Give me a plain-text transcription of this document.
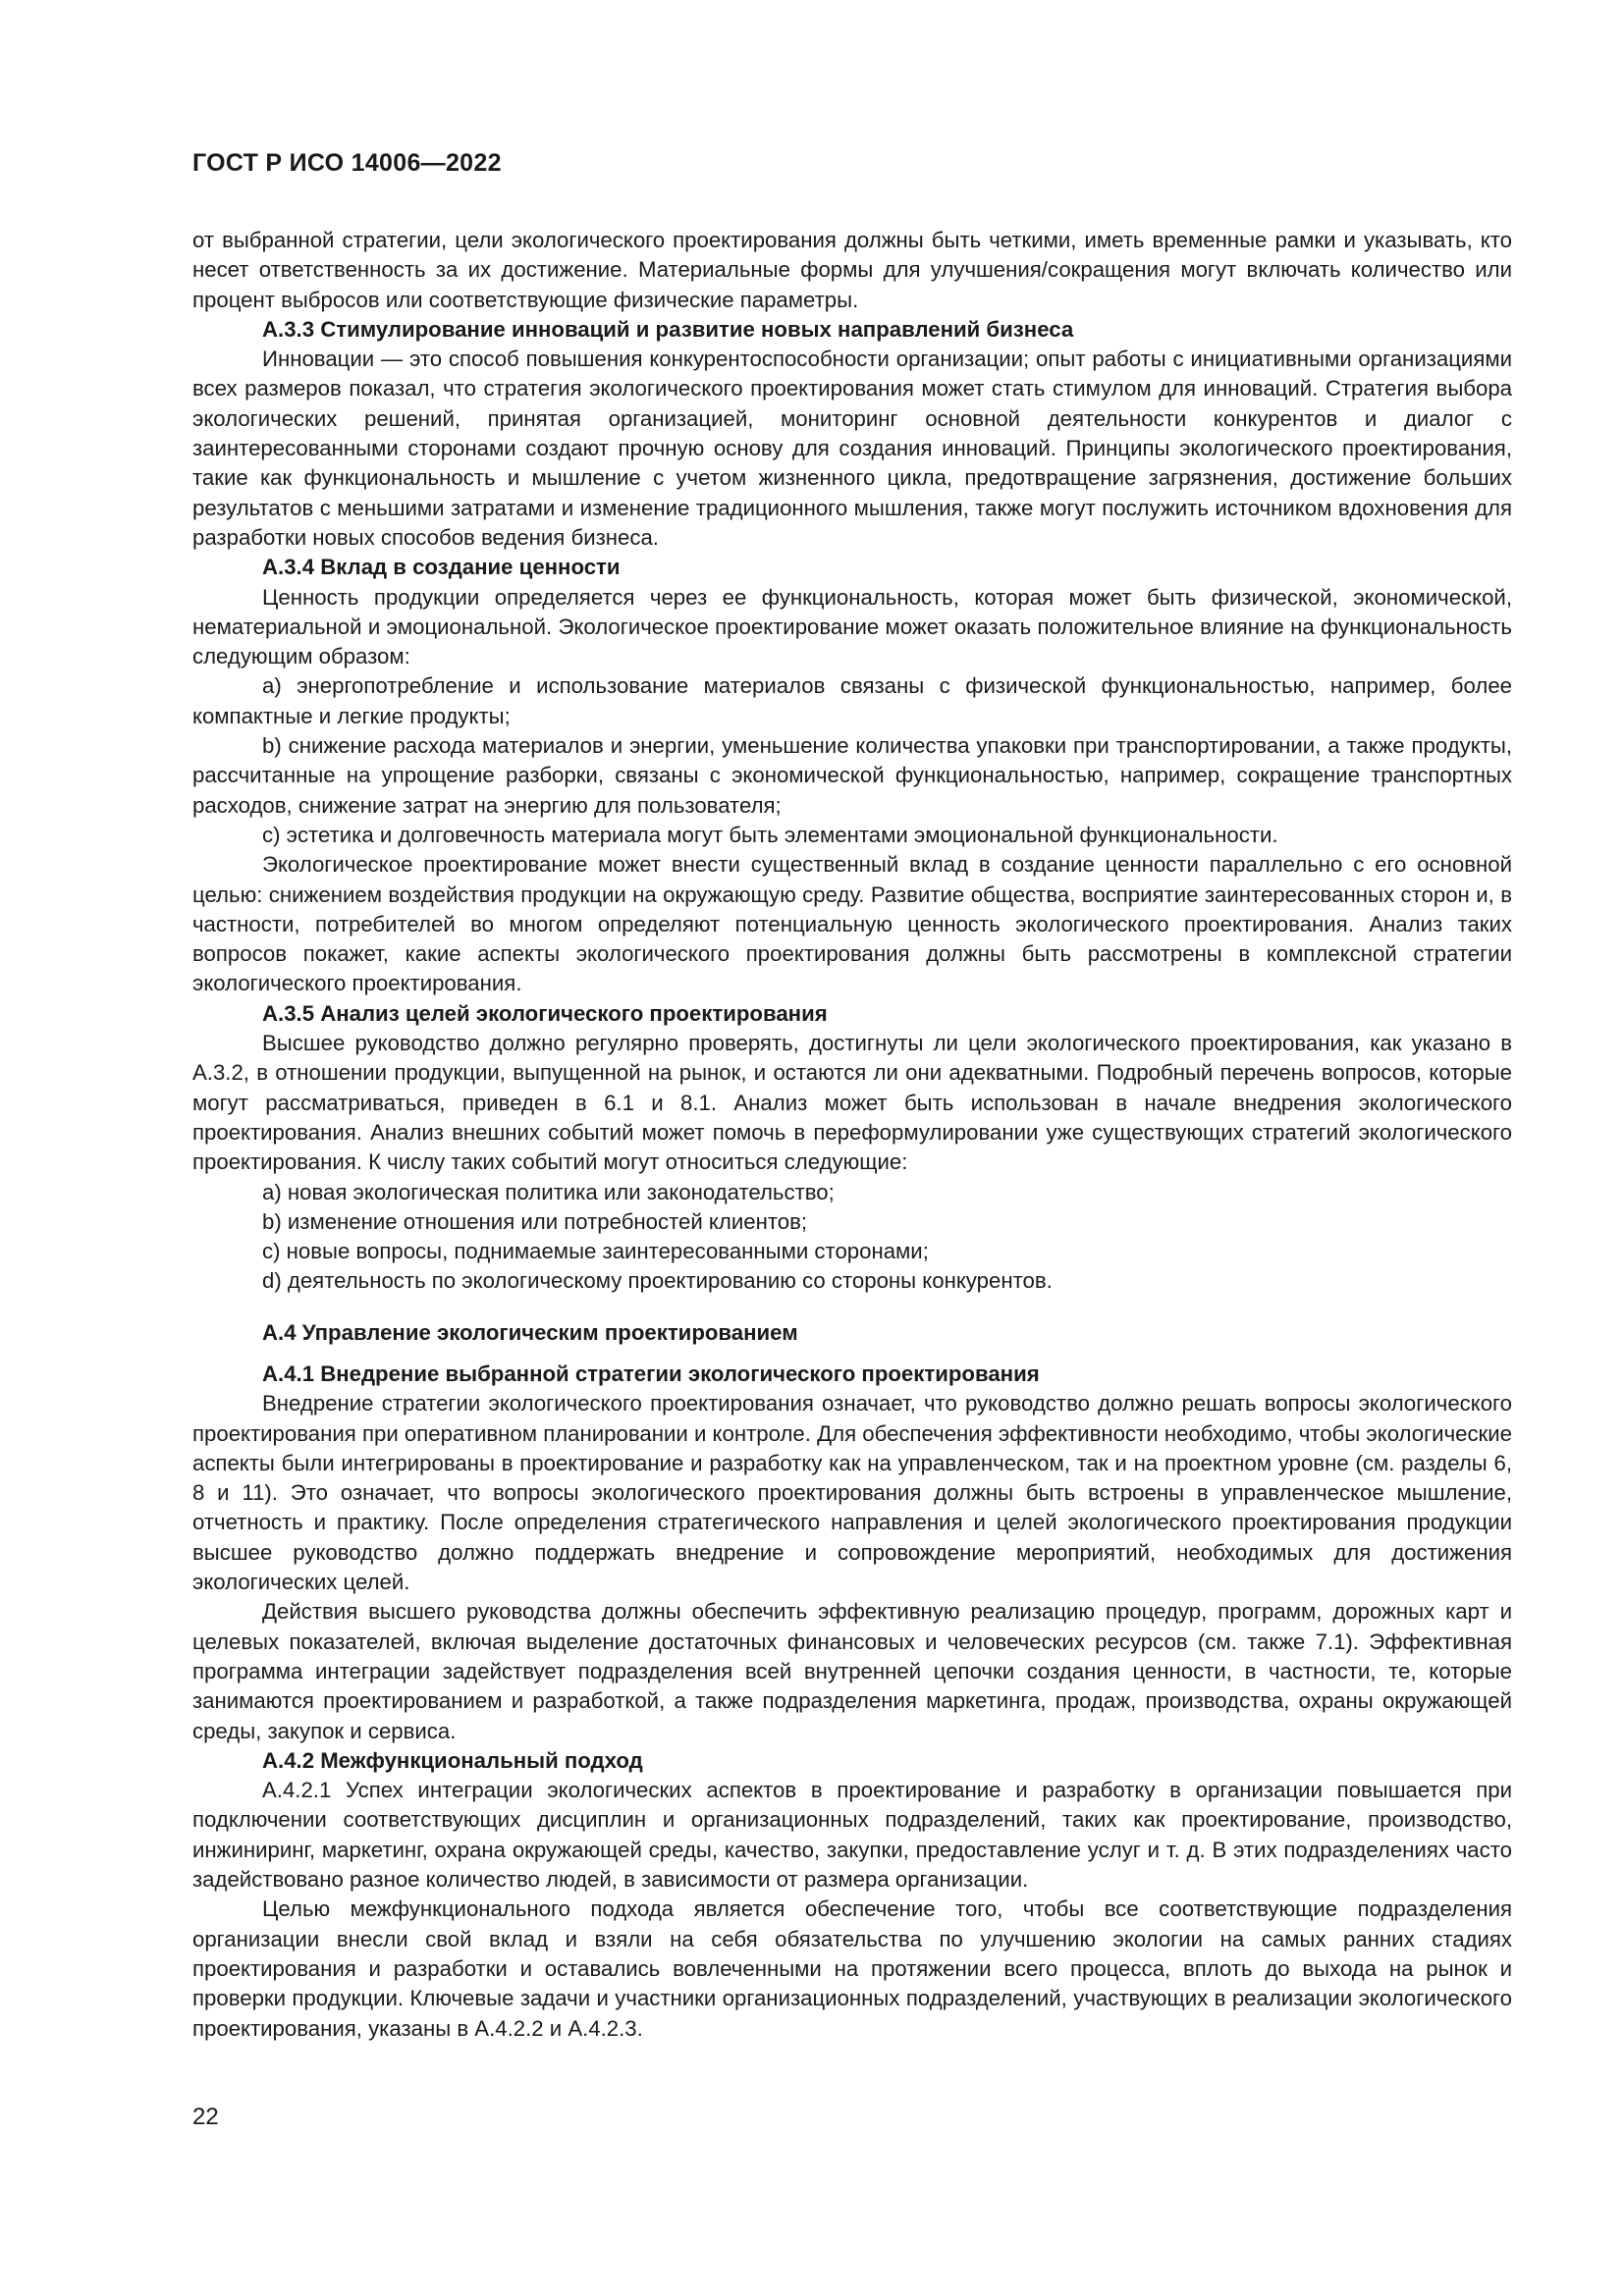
ГОСТ Р ИСО 14006—2022

от выбранной стратегии, цели экологического проектирования должны быть четкими, иметь временные рамки и указывать, кто несет ответственность за их достижение. Материальные формы для улучшения/сокращения могут включать количество или процент выбросов или соответствующие физические параметры.

А.3.3 Стимулирование инноваций и развитие новых направлений бизнеса

Инновации — это способ повышения конкурентоспособности организации; опыт работы с инициативными организациями всех размеров показал, что стратегия экологического проектирования может стать стимулом для инноваций. Стратегия выбора экологических решений, принятая организацией, мониторинг основной деятельности конкурентов и диалог с заинтересованными сторонами создают прочную основу для создания инноваций. Принципы экологического проектирования, такие как функциональность и мышление с учетом жизненного цикла, предотвращение загрязнения, достижение больших результатов с меньшими затратами и изменение традиционного мышления, также могут послужить источником вдохновения для разработки новых способов ведения бизнеса.

А.3.4 Вклад в создание ценности

Ценность продукции определяется через ее функциональность, которая может быть физической, экономической, нематериальной и эмоциональной. Экологическое проектирование может оказать положительное влияние на функциональность следующим образом:

a) энергопотребление и использование материалов связаны с физической функциональностью, например, более компактные и легкие продукты;

b) снижение расхода материалов и энергии, уменьшение количества упаковки при транспортировании, а также продукты, рассчитанные на упрощение разборки, связаны с экономической функциональностью, например, сокращение транспортных расходов, снижение затрат на энергию для пользователя;

c) эстетика и долговечность материала могут быть элементами эмоциональной функциональности.

Экологическое проектирование может внести существенный вклад в создание ценности параллельно с его основной целью: снижением воздействия продукции на окружающую среду. Развитие общества, восприятие заинтересованных сторон и, в частности, потребителей во многом определяют потенциальную ценность экологического проектирования. Анализ таких вопросов покажет, какие аспекты экологического проектирования должны быть рассмотрены в комплексной стратегии экологического проектирования.

А.3.5 Анализ целей экологического проектирования

Высшее руководство должно регулярно проверять, достигнуты ли цели экологического проектирования, как указано в А.3.2, в отношении продукции, выпущенной на рынок, и остаются ли они адекватными. Подробный перечень вопросов, которые могут рассматриваться, приведен в 6.1 и 8.1. Анализ может быть использован в начале внедрения экологического проектирования. Анализ внешних событий может помочь в переформулировании уже существующих стратегий экологического проектирования. К числу таких событий могут относиться следующие:

a) новая экологическая политика или законодательство;

b) изменение отношения или потребностей клиентов;

c) новые вопросы, поднимаемые заинтересованными сторонами;

d) деятельность по экологическому проектированию со стороны конкурентов.

А.4 Управление экологическим проектированием

А.4.1 Внедрение выбранной стратегии экологического проектирования

Внедрение стратегии экологического проектирования означает, что руководство должно решать вопросы экологического проектирования при оперативном планировании и контроле. Для обеспечения эффективности необходимо, чтобы экологические аспекты были интегрированы в проектирование и разработку как на управленческом, так и на проектном уровне (см. разделы 6, 8 и 11). Это означает, что вопросы экологического проектирования должны быть встроены в управленческое мышление, отчетность и практику. После определения стратегического направления и целей экологического проектирования продукции высшее руководство должно поддержать внедрение и сопровождение мероприятий, необходимых для достижения экологических целей.

Действия высшего руководства должны обеспечить эффективную реализацию процедур, программ, дорожных карт и целевых показателей, включая выделение достаточных финансовых и человеческих ресурсов (см. также 7.1). Эффективная программа интеграции задействует подразделения всей внутренней цепочки создания ценности, в частности, те, которые занимаются проектированием и разработкой, а также подразделения маркетинга, продаж, производства, охраны окружающей среды, закупок и сервиса.

А.4.2 Межфункциональный подход

А.4.2.1 Успех интеграции экологических аспектов в проектирование и разработку в организации повышается при подключении соответствующих дисциплин и организационных подразделений, таких как проектирование, производство, инжиниринг, маркетинг, охрана окружающей среды, качество, закупки, предоставление услуг и т. д. В этих подразделениях часто задействовано разное количество людей, в зависимости от размера организации.

Целью межфункционального подхода является обеспечение того, чтобы все соответствующие подразделения организации внесли свой вклад и взяли на себя обязательства по улучшению экологии на самых ранних стадиях проектирования и разработки и оставались вовлеченными на протяжении всего процесса, вплоть до выхода на рынок и проверки продукции. Ключевые задачи и участники организационных подразделений, участвующих в реализации экологического проектирования, указаны в А.4.2.2 и А.4.2.3.

22
